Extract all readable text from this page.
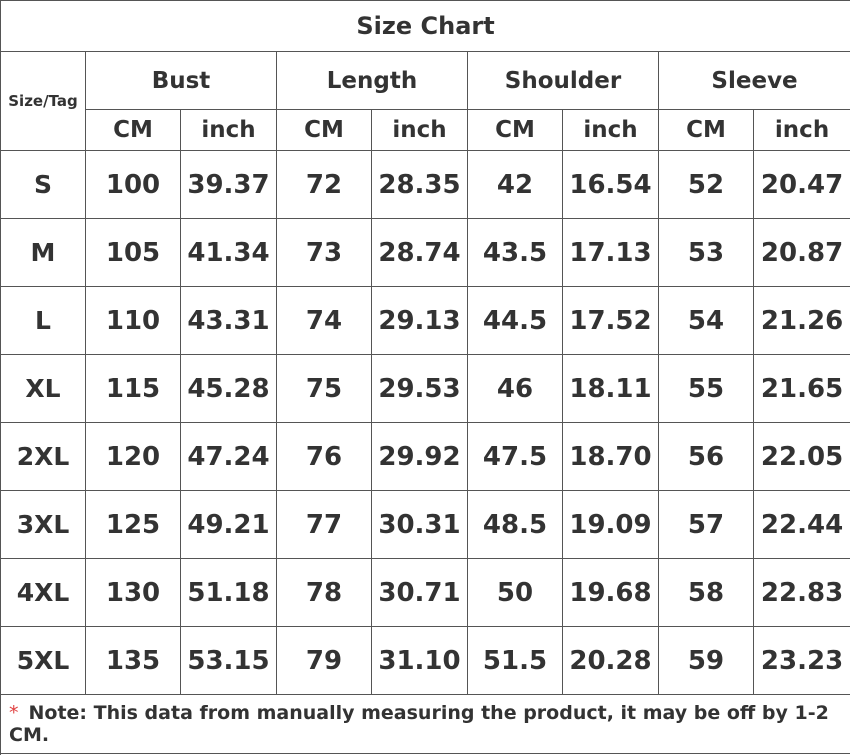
Size Chart								
Size/Tag	Bust		Length		Shoulder		Sleeve	
	CM	inch	CM	inch	CM	inch	CM	inch
S	100	39.37	72	28.35	42	16.54	52	20.47
M	105	41.34	73	28.74	43.5	17.13	53	20.87
L	110	43.31	74	29.13	44.5	17.52	54	21.26
XL	115	45.28	75	29.53	46	18.11	55	21.65
2XL	120	47.24	76	29.92	47.5	18.70	56	22.05
3XL	125	49.21	77	30.31	48.5	19.09	57	22.44
4XL	130	51.18	78	30.71	50	19.68	58	22.83
5XL	135	53.15	79	31.10	51.5	20.28	59	23.23
* Note: This data from manually measuring the product, it may be off by 1-2 CM.								
